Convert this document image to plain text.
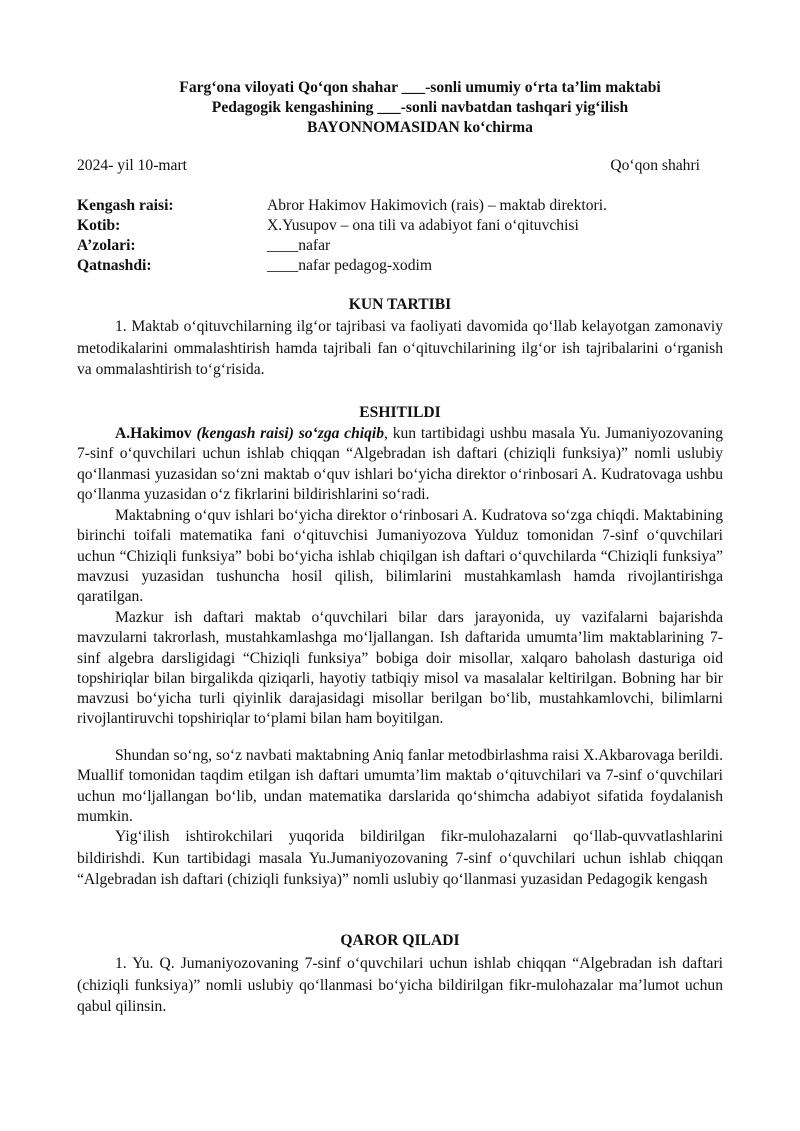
Farg‘ona viloyati Qo‘qon shahar ___-sonli umumiy o‘rta ta’lim maktabi
Pedagogik kengashining ___-sonli navbatdan tashqari yig‘ilish
BAYONNOMASIDAN ko‘chirma
2024- yil 10-mart	Qo‘qon shahri
Kengash raisi:	Abror Hakimov Hakimovich (rais) – maktab direktori.
Kotib:	X.Yusupov – ona tili va adabiyot fani o‘qituvchisi
A’zolari:	____nafar
Qatnashdi:	____nafar pedagog-xodim
KUN TARTIBI

1. Maktab o‘qituvchilarning ilg‘or tajribasi va faoliyati davomida qo‘llab kelayotgan zamonaviy metodikalarini ommalashtirish hamda tajribali fan o‘qituvchilarining ilg‘or ish tajribalarini o‘rganish va ommalashtirish to‘g‘risida.

ESHITILDI

A.Hakimov (kengash raisi) so‘zga chiqib, kun tartibidagi ushbu masala Yu. Jumaniyozovaning 7-sinf o‘quvchilari uchun ishlab chiqqan “Algebradan ish daftari (chiziqli funksiya)” nomli uslubiy qo‘llanmasi yuzasidan so‘zni maktab o‘quv ishlari bo‘yicha direktor o‘rinbosari A. Kudratovaga ushbu qo‘llanma yuzasidan o‘z fikrlarini bildirishlarini so‘radi.

Maktabning o‘quv ishlari bo‘yicha direktor o‘rinbosari A. Kudratova so‘zga chiqdi. Maktabining birinchi toifali matematika fani o‘qituvchisi Jumaniyozova Yulduz tomonidan 7-sinf o‘quvchilari uchun “Chiziqli funksiya” bobi bo‘yicha ishlab chiqilgan ish daftari o‘quvchilarda “Chiziqli funksiya” mavzusi yuzasidan tushuncha hosil qilish, bilimlarini mustahkamlash hamda rivojlantirishga qaratilgan.

Mazkur ish daftari maktab o‘quvchilari bilar dars jarayonida, uy vazifalarni bajarishda mavzularni takrorlash, mustahkamlashga mo‘ljallangan. Ish daftarida umumta’lim maktablarining 7-sinf algebra darsligidagi “Chiziqli funksiya” bobiga doir misollar, xalqaro baholash dasturiga oid topshiriqlar bilan birgalikda qiziqarli, hayotiy tatbiqiy misol va masalalar keltirilgan. Bobning har bir mavzusi bo‘yicha turli qiyinlik darajasidagi misollar berilgan bo‘lib, mustahkamlovchi, bilimlarni rivojlantiruvchi topshiriqlar to‘plami bilan ham boyitilgan.

Shundan so‘ng, so‘z navbati maktabning Aniq fanlar metodbirlashma raisi X.Akbarovaga berildi. Muallif tomonidan taqdim etilgan ish daftari umumta’lim maktab o‘qituvchilari va 7-sinf o‘quvchilari uchun mo‘ljallangan bo‘lib, undan matematika darslarida qo‘shimcha adabiyot sifatida foydalanish mumkin.

Yig‘ilish ishtirokchilari yuqorida bildirilgan fikr-mulohazalarni qo‘llab-quvvatlashlarini bildirishdi. Kun tartibidagi masala Yu.Jumaniyozovaning 7-sinf o‘quvchilari uchun ishlab chiqqan “Algebradan ish daftari (chiziqli funksiya)” nomli uslubiy qo‘llanmasi yuzasidan Pedagogik kengash

QAROR QILADI

1. Yu. Q. Jumaniyozovaning 7-sinf o‘quvchilari uchun ishlab chiqqan “Algebradan ish daftari (chiziqli funksiya)” nomli uslubiy qo‘llanmasi bo‘yicha bildirilgan fikr-mulohazalar ma’lumot uchun qabul qilinsin.
